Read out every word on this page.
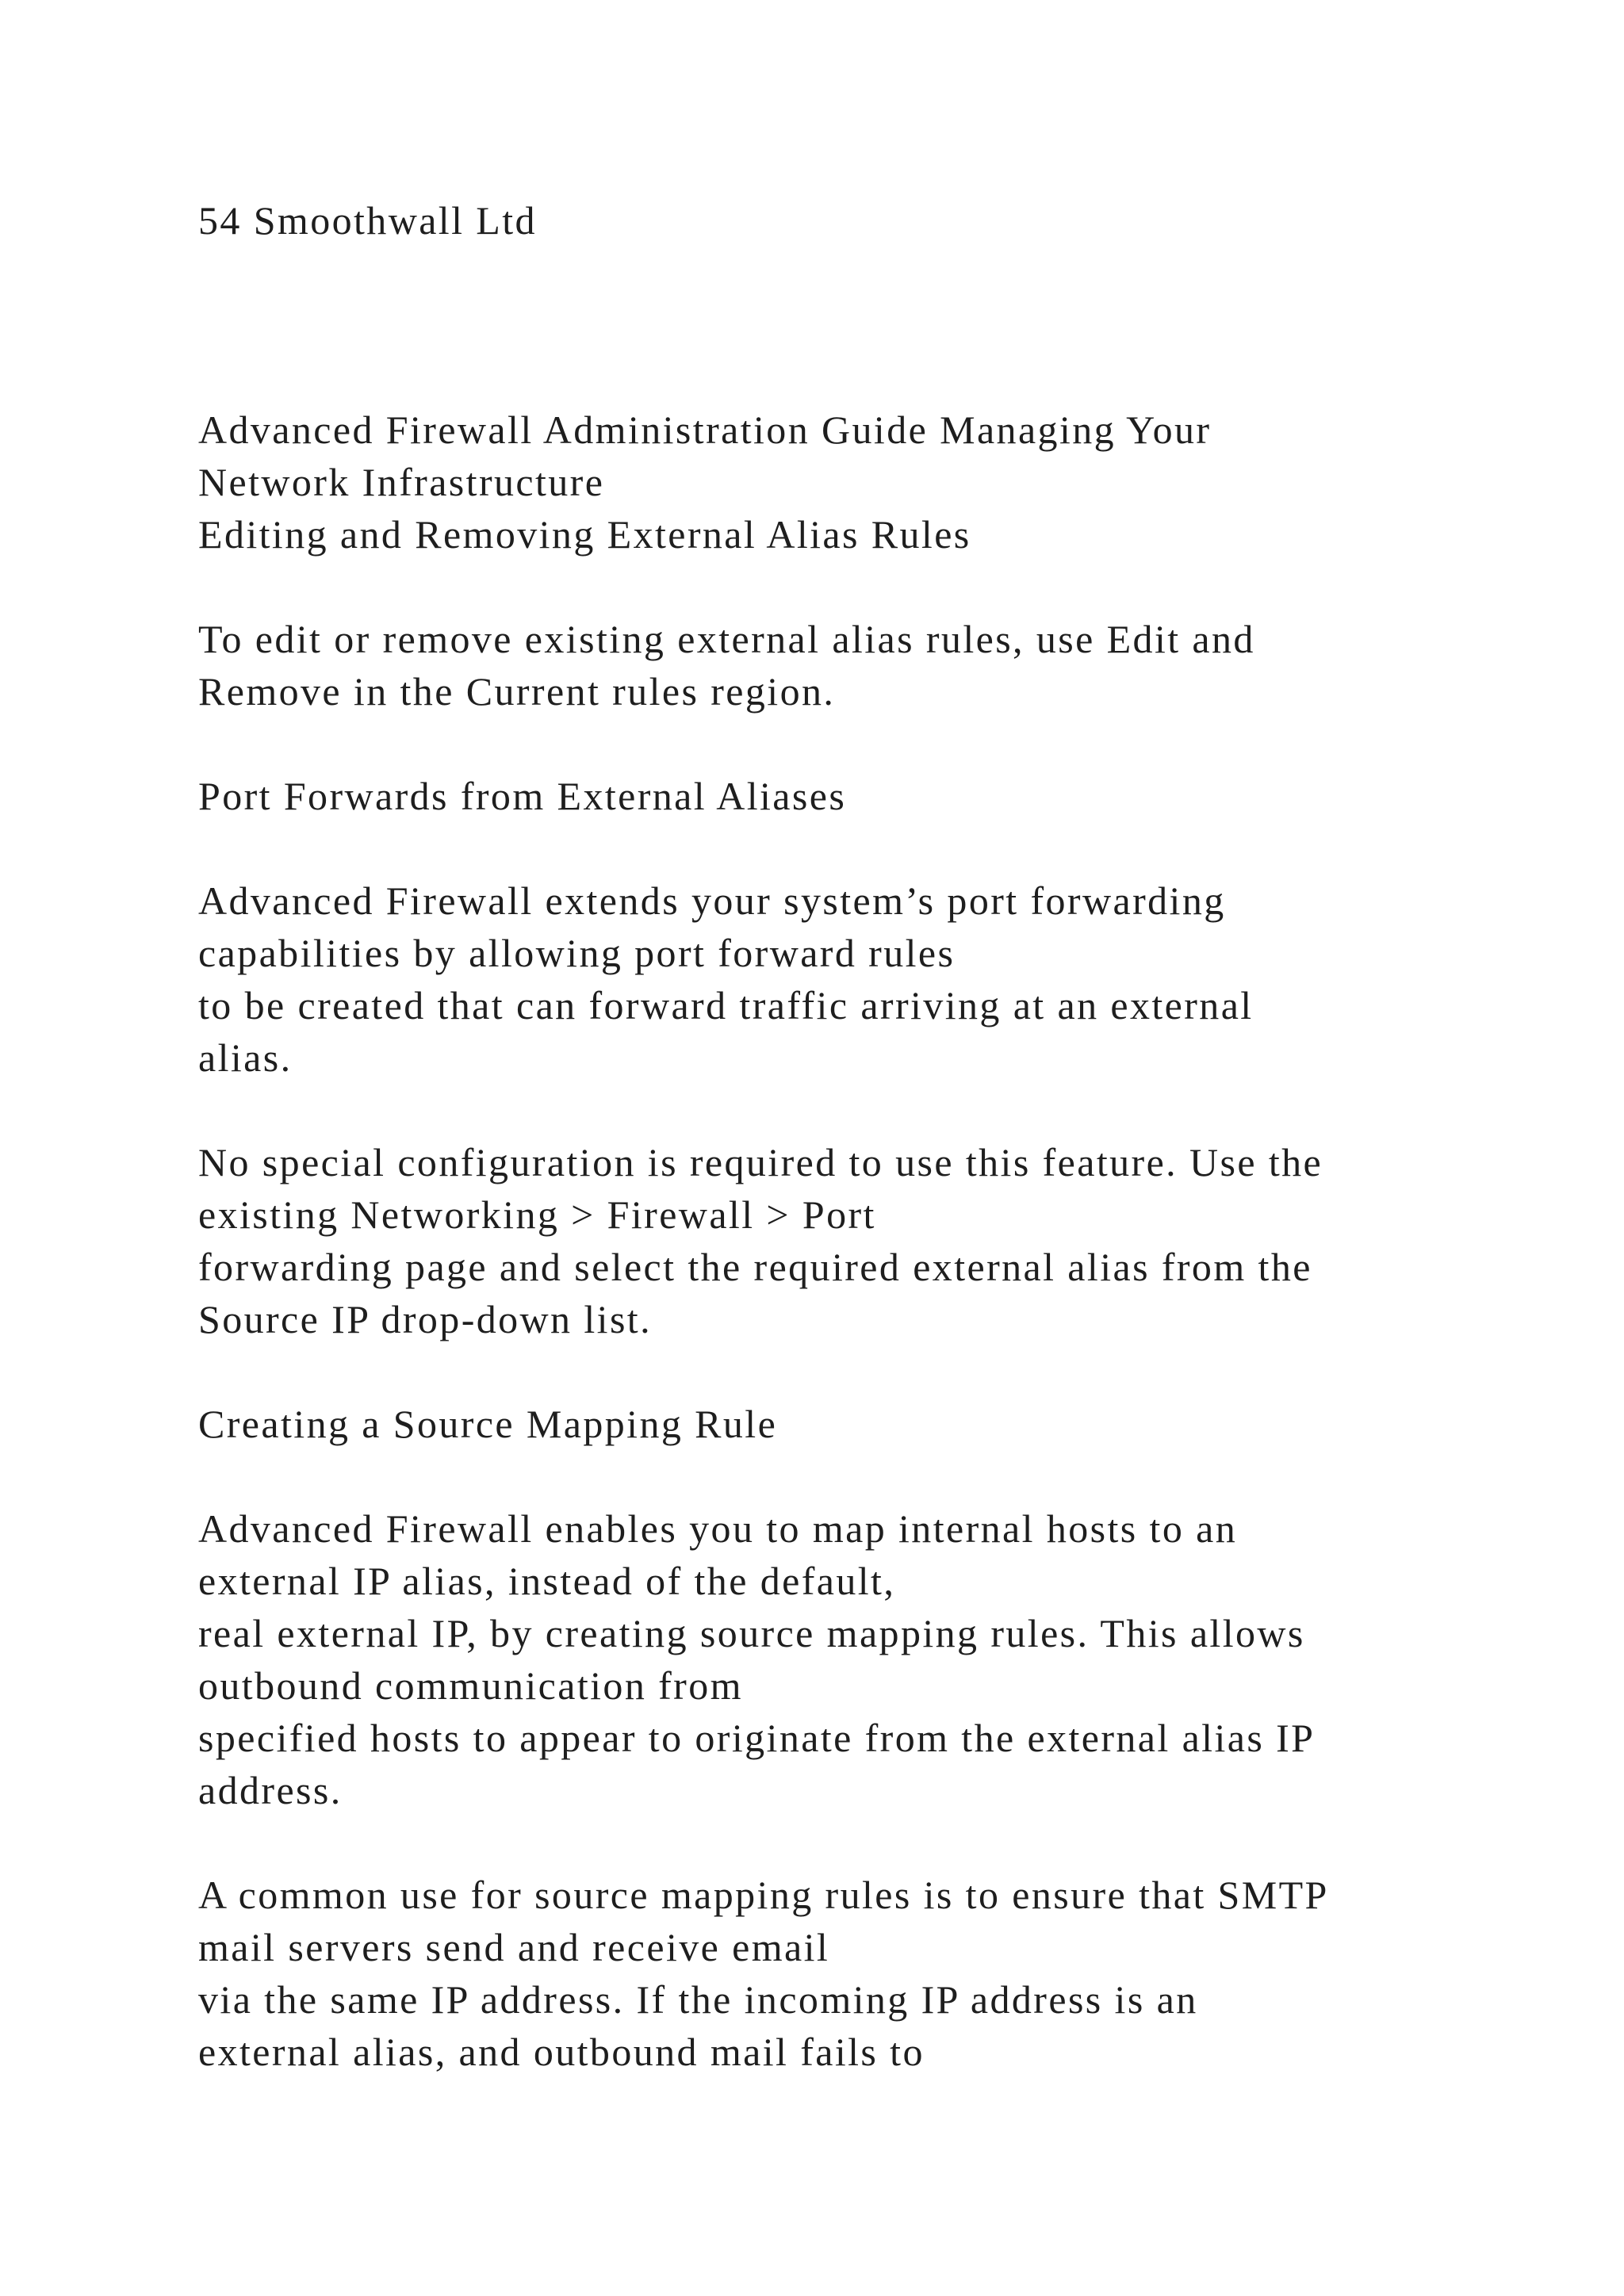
54 Smoothwall Ltd
Advanced Firewall Administration Guide Managing Your
Network Infrastructure
Editing and Removing External Alias Rules
To edit or remove existing external alias rules, use Edit and
Remove in the Current rules region.
Port Forwards from External Aliases
Advanced Firewall extends your system’s port forwarding
capabilities by allowing port forward rules
to be created that can forward traffic arriving at an external
alias.
No special configuration is required to use this feature. Use the
existing Networking > Firewall > Port
forwarding page and select the required external alias from the
Source IP drop-down list.
Creating a Source Mapping Rule
Advanced Firewall enables you to map internal hosts to an
external IP alias, instead of the default,
real external IP, by creating source mapping rules. This allows
outbound communication from
specified hosts to appear to originate from the external alias IP
address.
A common use for source mapping rules is to ensure that SMTP
mail servers send and receive email
via the same IP address. If the incoming IP address is an
external alias, and outbound mail fails to
